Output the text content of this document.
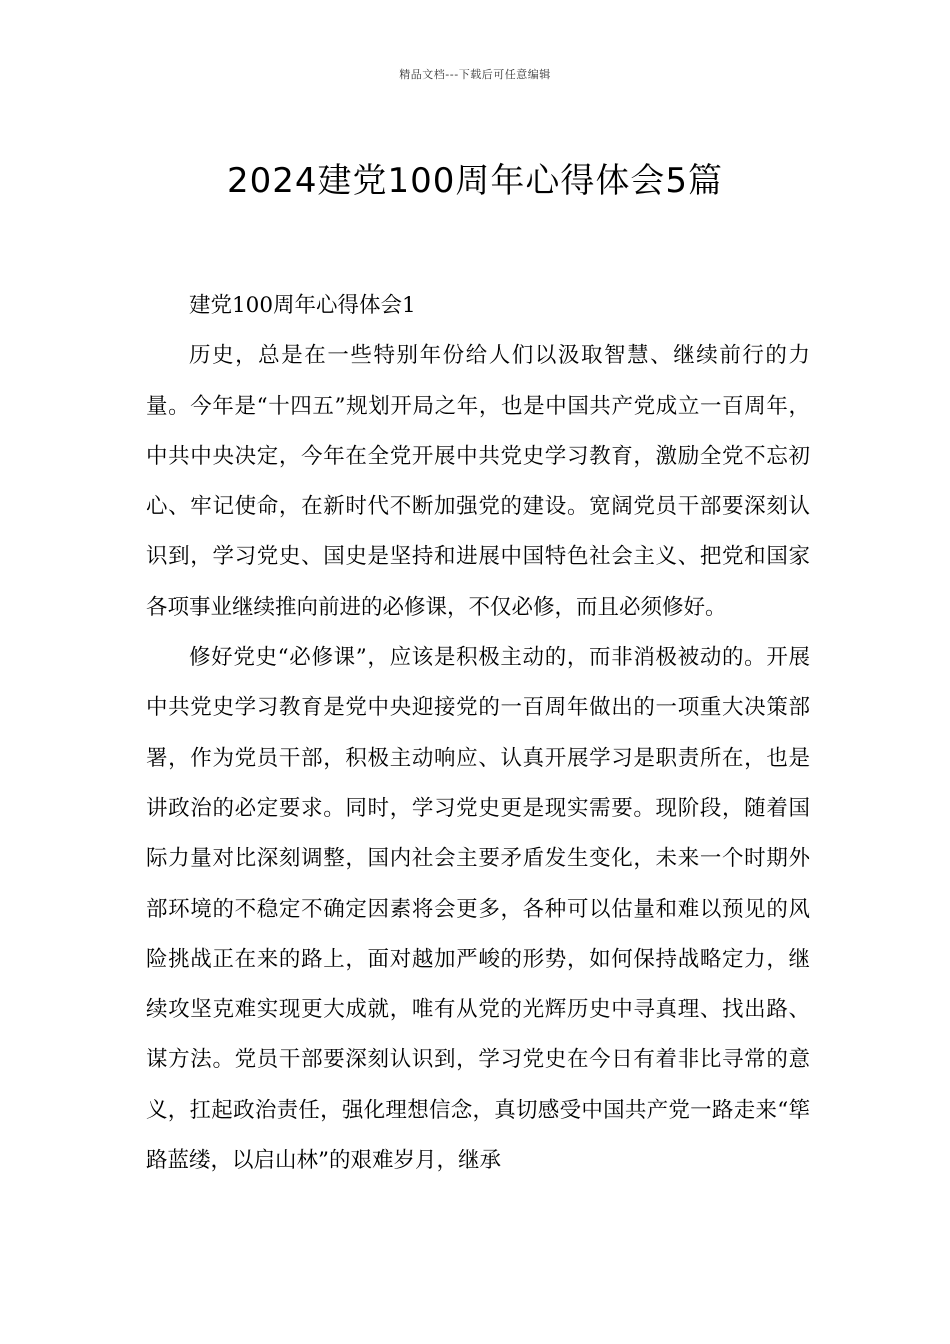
精品文档---下载后可任意编辑
2024建党100周年心得体会5篇

建党100周年心得体会1

历史，总是在一些特别年份给人们以汲取智慧、继续前行的力量。今年是“十四五”规划开局之年，也是中国共产党成立一百周年，中共中央决定，今年在全党开展中共党史学习教育，激励全党不忘初心、牢记使命，在新时代不断加强党的建设。宽阔党员干部要深刻认识到，学习党史、国史是坚持和进展中国特色社会主义、把党和国家各项事业继续推向前进的必修课，不仅必修，而且必须修好。

修好党史“必修课”，应该是积极主动的，而非消极被动的。开展中共党史学习教育是党中央迎接党的一百周年做出的一项重大决策部署，作为党员干部，积极主动响应、认真开展学习是职责所在，也是讲政治的必定要求。同时，学习党史更是现实需要。现阶段，随着国际力量对比深刻调整，国内社会主要矛盾发生变化，未来一个时期外部环境的不稳定不确定因素将会更多，各种可以估量和难以预见的风险挑战正在来的路上，面对越加严峻的形势，如何保持战略定力，继续攻坚克难实现更大成就，唯有从党的光辉历史中寻真理、找出路、谋方法。党员干部要深刻认识到，学习党史在今日有着非比寻常的意义，扛起政治责任，强化理想信念，真切感受中国共产党一路走来“筚路蓝缕，以启山林”的艰难岁月，继承
